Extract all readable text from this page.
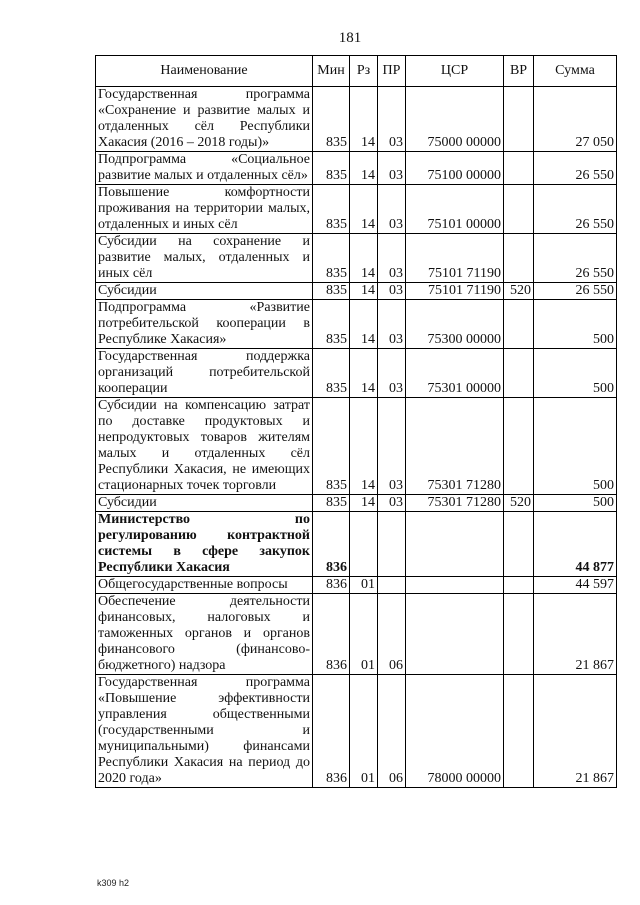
181
Наименование	Мин	Рз	ПР	ЦСР	ВР	Сумма
Государственная программа «Сохранение и развитие малых и отдаленных сёл Республики Хакасия (2016 – 2018 годы)»	835	14	03	75000 00000		27 050
Подпрограмма «Социальное развитие малых и отдаленных сёл»	835	14	03	75100 00000		26 550
Повышение комфортности проживания на территории малых, отдаленных и иных сёл	835	14	03	75101 00000		26 550
Субсидии на сохранение и развитие малых, отдаленных и иных сёл	835	14	03	75101 71190		26 550
Субсидии	835	14	03	75101 71190	520	26 550
Подпрограмма «Развитие потребительской кооперации в Республике Хакасия»	835	14	03	75300 00000		500
Государственная поддержка организаций потребительской кооперации	835	14	03	75301 00000		500
Субсидии на компенсацию затрат по доставке продуктовых и непродуктовых товаров жителям малых и отдаленных сёл Республики Хакасия, не имеющих стационарных точек торговли	835	14	03	75301 71280		500
Субсидии	835	14	03	75301 71280	520	500
Министерство по регулированию контрактной системы в сфере закупок Республики Хакасия	836					44 877
Общегосударственные вопросы	836	01				44 597
Обеспечение деятельности финансовых, налоговых и таможенных органов и органов финансового (финансово-бюджетного) надзора	836	01	06			21 867
Государственная программа «Повышение эффективности управления общественными (государственными и муниципальными) финансами Республики Хакасия на период до 2020 года»	836	01	06	78000 00000		21 867
k309 h2
